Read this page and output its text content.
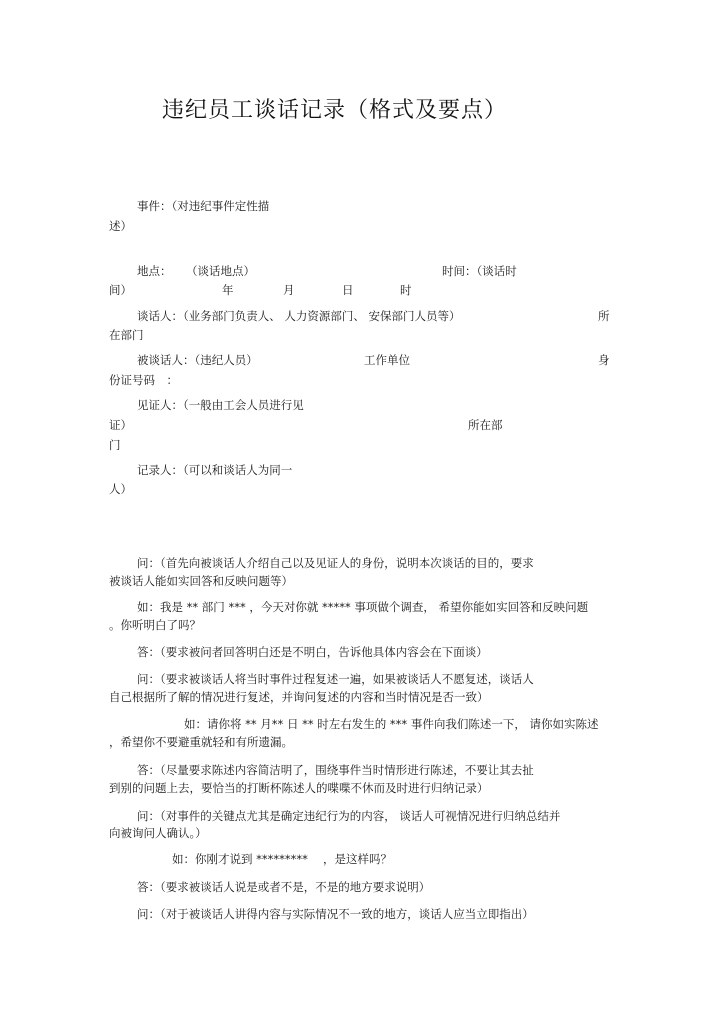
违纪员工谈话记录（格式及要点）
事件：（对违纪事件定性描
述）
地点： （谈话地点）	时间：（谈话时
间）	年	月	日	时
谈话人：（业务部门负责人、 人力资源部门、 安保部门人员等）	所
在部门
被谈话人：（违纪人员）	工作单位	身
份证号码　：
见证人：（一般由工会人员进行见
证）	所在部
门
记录人：（可以和谈话人为同一
人）
问：（首先向被谈话人介绍自己以及见证人的身份，说明本次谈话的目的，要求
被谈话人能如实回答和反映问题等）
如：我是 ** 部门 *** ，今天对你就 ***** 事项做个调查， 希望你能如实回答和反映问题
。你听明白了吗？
答：（要求被问者回答明白还是不明白，告诉他具体内容会在下面谈）
问：（要求被谈话人将当时事件过程复述一遍，如果被谈话人不愿复述，谈话人
自己根据所了解的情况进行复述，并询问复述的内容和当时情况是否一致）
如：请你将 ** 月** 日 ** 时左右发生的 *** 事件向我们陈述一下， 请你如实陈述
，希望你不要避重就轻和有所遗漏。
答：（尽量要求陈述内容简洁明了，围绕事件当时情形进行陈述，不要让其去扯
到别的问题上去，要恰当的打断杯陈述人的喋喋不休而及时进行归纳记录）
问：（对事件的关键点尤其是确定违纪行为的内容， 谈话人可视情况进行归纳总结并
向被询问人确认。）
如：你刚才说到 *********　 ，是这样吗？
答：（要求被谈话人说是或者不是，不是的地方要求说明）
问：（对于被谈话人讲得内容与实际情况不一致的地方，谈话人应当立即指出）
